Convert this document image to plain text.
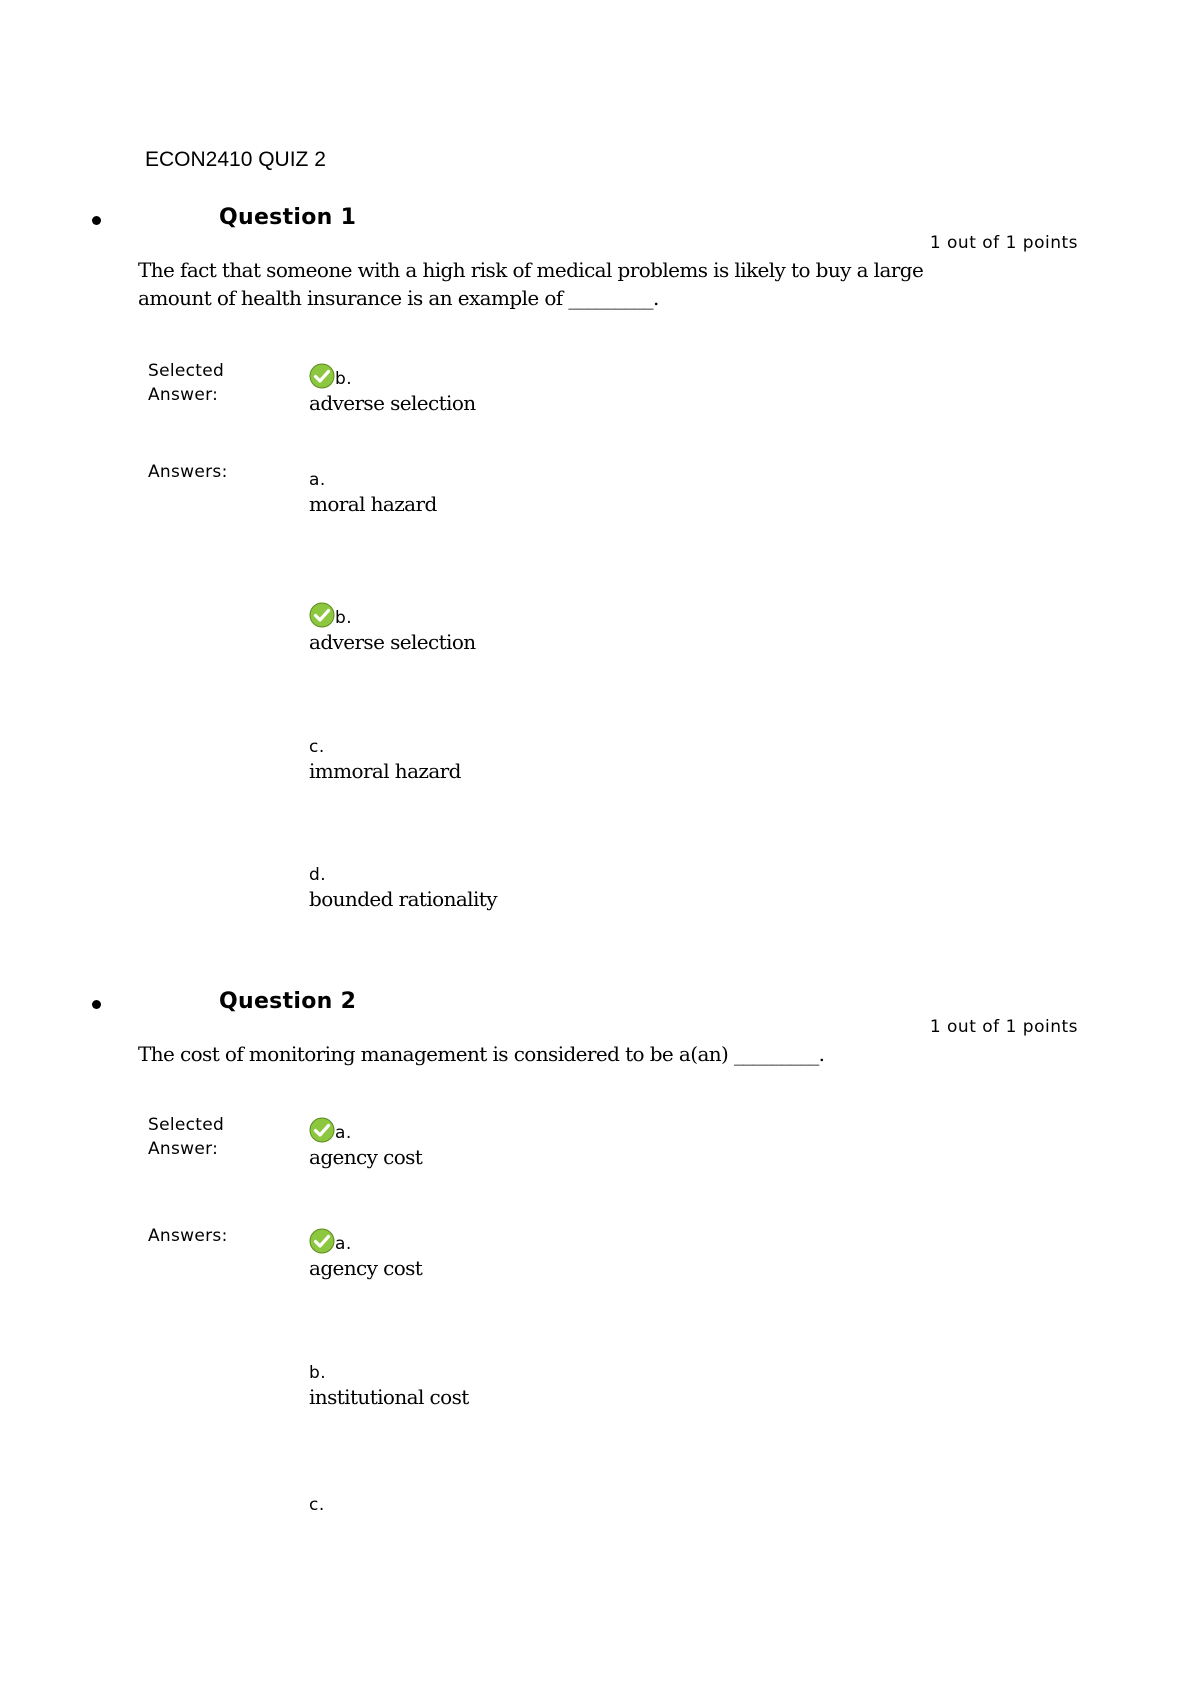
ECON2410 QUIZ 2
Question 1
1 out of 1 points
The fact that someone with a high risk of medical problems is likely to buy a large amount of health insurance is an example of _________.
Selected Answer:
b.
adverse selection
Answers:	a.
moral hazard
b.
adverse selection
c.
immoral hazard
d.
bounded rationality
Question 2
1 out of 1 points
The cost of monitoring management is considered to be a(an) _________.
Selected Answer:
a.
agency cost
Answers:	a.
agency cost
b.
institutional cost
c.
